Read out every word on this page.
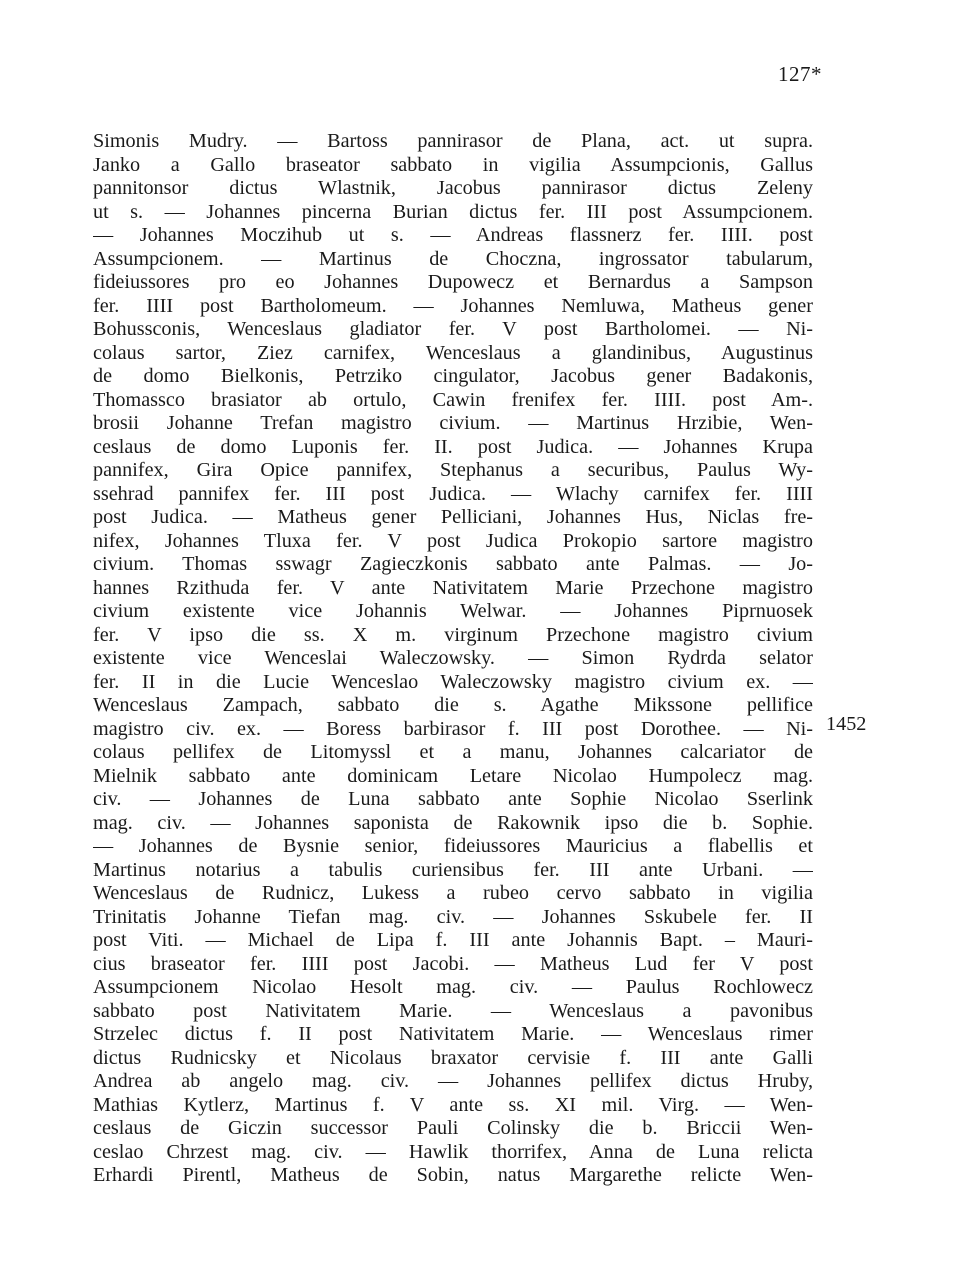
127*
Simonis Mudry. — Bartoss pannirasor de Plana, act. ut supra.
Janko a Gallo braseator sabbato in vigilia Assumpcionis, Gallus
pannitonsor dictus Wlastnik, Jacobus pannirasor dictus Zeleny
ut s. — Johannes pincerna Burian dictus fer. III post Assumpcionem.
— Johannes Moczihub ut s. — Andreas flassnerz fer. IIII. post
Assumpcionem. — Martinus de Choczna, ingrossator tabularum,
fideiussores pro eo Johannes Dupowecz et Bernardus a Sampson
fer. IIII post Bartholomeum. — Johannes Nemluwa, Matheus gener
Bohussconis, Wenceslaus gladiator fer. V post Bartholomei. — Ni-
colaus sartor, Ziez carnifex, Wenceslaus a glandinibus, Augustinus
de domo Bielkonis, Petrziko cingulator, Jacobus gener Badakonis,
Thomassco brasiator ab ortulo, Cawin frenifex fer. IIII. post Am-.
brosii Johanne Trefan magistro civium. — Martinus Hrzibie, Wen-
ceslaus de domo Luponis fer. II. post Judica. — Johannes Krupa
pannifex, Gira Opice pannifex, Stephanus a securibus, Paulus Wy-
ssehrad pannifex fer. III post Judica. — Wlachy carnifex fer. IIII
post Judica. — Matheus gener Pelliciani, Johannes Hus, Niclas fre-
nifex, Johannes Tluxa fer. V post Judica Prokopio sartore magistro
civium. Thomas sswagr Zagieczkonis sabbato ante Palmas. — Jo-
hannes Rzithuda fer. V ante Nativitatem Marie Przechone magistro
civium existente vice Johannis Welwar. — Johannes Piprnuosek
fer. V ipso die ss. X m. virginum Przechone magistro civium
existente vice Wenceslai Waleczowsky. — Simon Rydrda selator
fer. II in die Lucie Wenceslao Waleczowsky magistro civium ex. —
Wenceslaus Zampach, sabbato die s. Agathe Mikssone pellifice
magistro civ. ex. — Boress barbirasor f. III post Dorothee. — Ni-
colaus pellifex de Litomyssl et a manu, Johannes calcariator de
Mielnik sabbato ante dominicam Letare Nicolao Humpolecz mag.
civ. — Johannes de Luna sabbato ante Sophie Nicolao Sserlink
mag. civ. — Johannes saponista de Rakownik ipso die b. Sophie.
— Johannes de Bysnie senior, fideiussores Mauricius a flabellis et
Martinus notarius a tabulis curiensibus fer. III ante Urbani. —
Wenceslaus de Rudnicz, Lukess a rubeo cervo sabbato in vigilia
Trinitatis Johanne Tiefan mag. civ. — Johannes Sskubele fer. II
post Viti. — Michael de Lipa f. III ante Johannis Bapt. – Mauri-
cius braseator fer. IIII post Jacobi. — Matheus Lud fer V post
Assumpcionem Nicolao Hesolt mag. civ. — Paulus Rochlowecz
sabbato post Nativitatem Marie. — Wenceslaus a pavonibus
Strzelec dictus f. II post Nativitatem Marie. — Wenceslaus rimer
dictus Rudnicsky et Nicolaus braxator cervisie f. III ante Galli
Andrea ab angelo mag. civ. — Johannes pellifex dictus Hruby,
Mathias Kytlerz, Martinus f. V ante ss. XI mil. Virg. — Wen-
ceslaus de Giczin successor Pauli Colinsky die b. Briccii Wen-
ceslao Chrzest mag. civ. — Hawlik thorrifex, Anna de Luna relicta
Erhardi Pirentl, Matheus de Sobin, natus Margarethe relicte Wen-
1452
